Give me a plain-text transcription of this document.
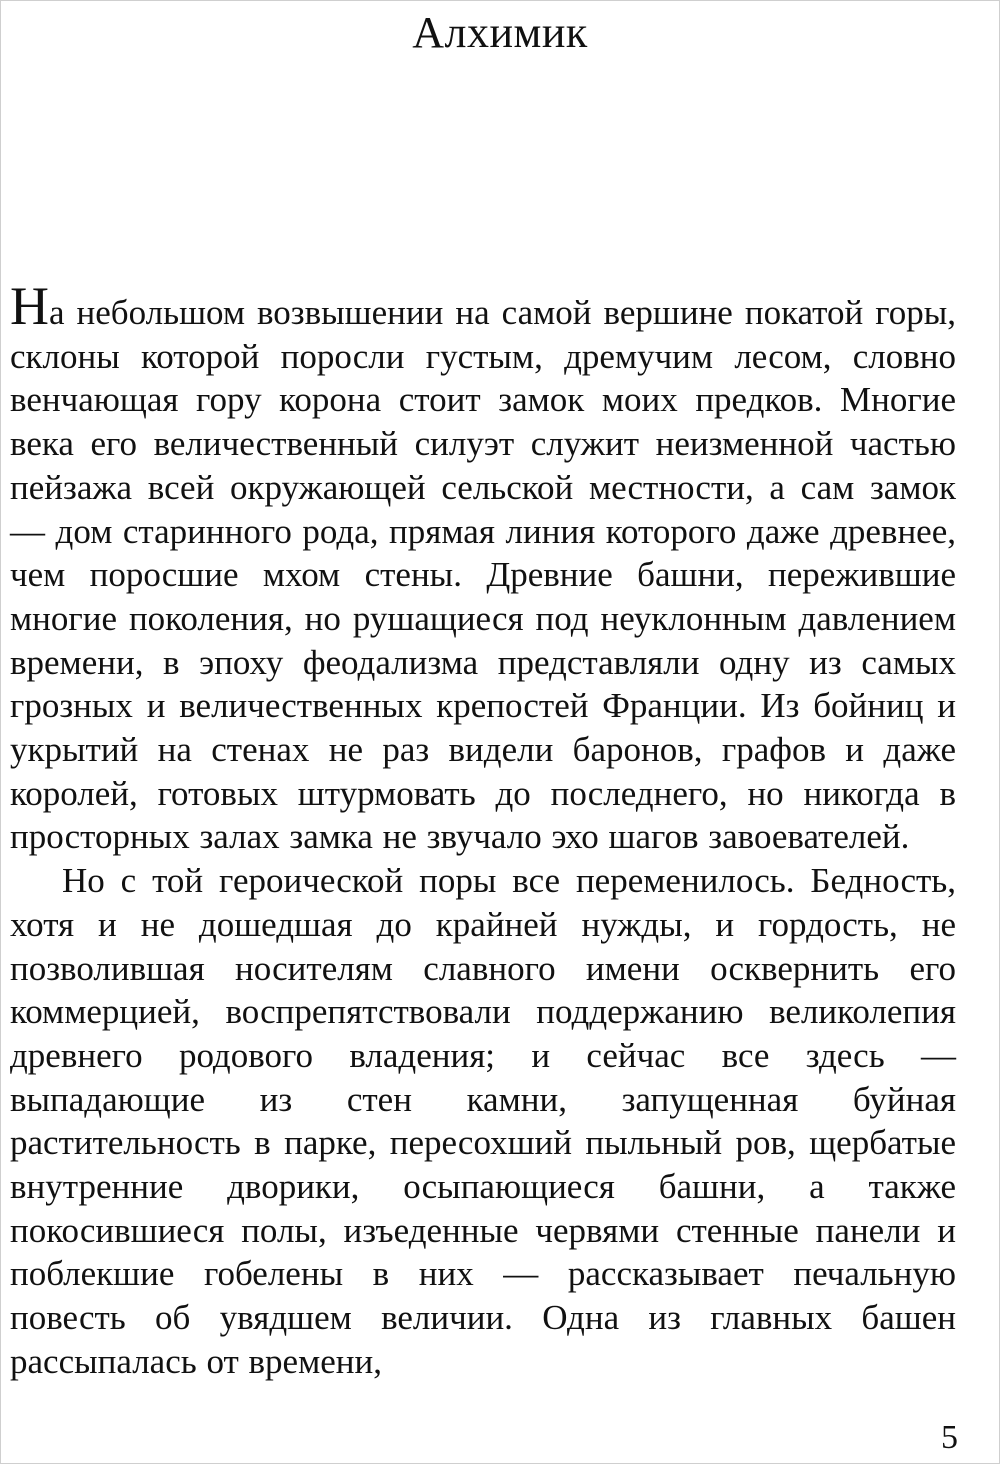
Алхимик

На небольшом возвышении на самой вершине покатой горы, склоны которой поросли густым, дремучим лесом, словно венчающая гору корона стоит замок моих предков. Многие века его величественный силуэт служит неизменной частью пейзажа всей окружающей сельской местности, а сам замок — дом старинного рода, прямая линия которого даже древнее, чем поросшие мхом стены. Древние башни, пережившие многие поколения, но рушащиеся под неуклонным давлением времени, в эпоху феодализма представляли одну из самых грозных и величественных крепостей Франции. Из бойниц и укрытий на стенах не раз видели баронов, графов и даже королей, готовых штурмовать до последнего, но никогда в просторных залах замка не звучало эхо шагов завоевателей.

Но с той героической поры все переменилось. Бедность, хотя и не дошедшая до крайней нужды, и гордость, не позволившая носителям славного имени осквернить его коммерцией, воспрепятствовали поддержанию великолепия древнего родового владения; и сейчас все здесь — выпадающие из стен камни, запущенная буйная растительность в парке, пересохший пыльный ров, щербатые внутренние дворики, осыпающиеся башни, а также покосившиеся полы, изъеденные червями стенные панели и поблекшие гобелены в них — рассказывает печальную повесть об увядшем величии. Одна из главных башен рассыпалась от времени,

5
